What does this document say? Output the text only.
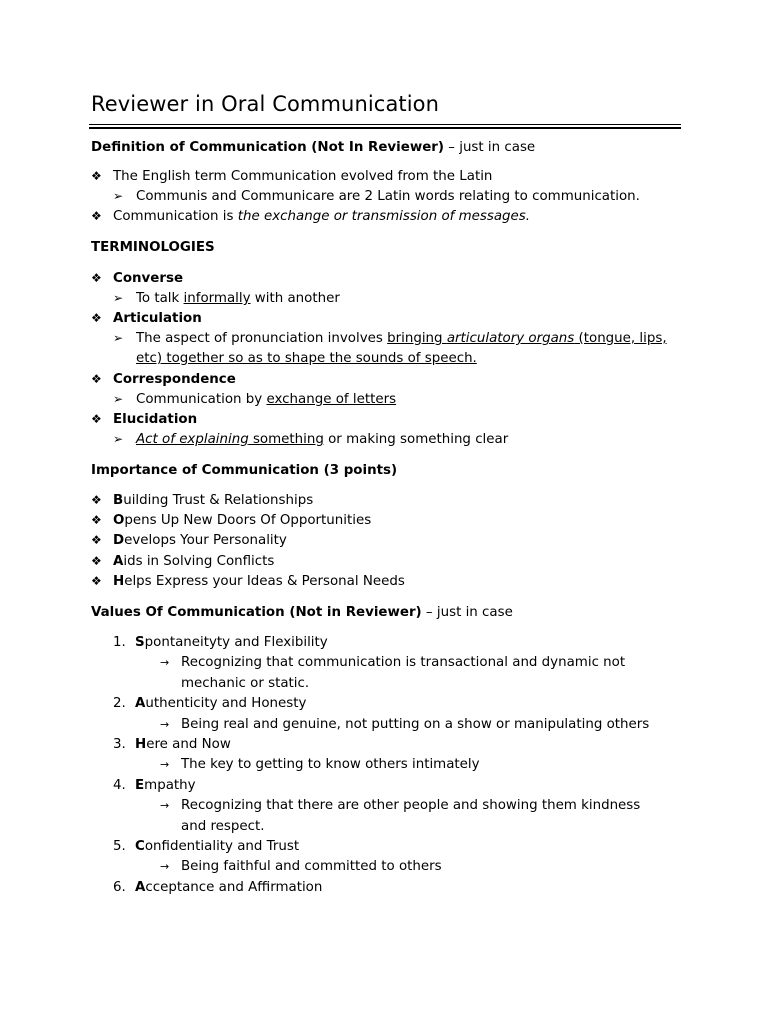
Reviewer in Oral Communication
Definition of Communication (Not In Reviewer) – just in case
❖ The English term Communication evolved from the Latin
➢ Communis and Communicare are 2 Latin words relating to communication.
❖ Communication is the exchange or transmission of messages.
TERMINOLOGIES
❖ Converse
➢ To talk informally with another
❖ Articulation
➢ The aspect of pronunciation involves bringing articulatory organs (tongue, lips,
etc) together so as to shape the sounds of speech.
❖ Correspondence
➢ Communication by exchange of letters
❖ Elucidation
➢ Act of explaining something or making something clear
Importance of Communication (3 points)
❖ Building Trust & Relationships
❖ Opens Up New Doors Of Opportunities
❖ Develops Your Personality
❖ Aids in Solving Conflicts
❖ Helps Express your Ideas & Personal Needs
Values Of Communication (Not in Reviewer) – just in case
1. Spontaneityty and Flexibility
→ Recognizing that communication is transactional and dynamic not
mechanic or static.
2. Authenticity and Honesty
→ Being real and genuine, not putting on a show or manipulating others
3. Here and Now
→ The key to getting to know others intimately
4. Empathy
→ Recognizing that there are other people and showing them kindness
and respect.
5. Confidentiality and Trust
→ Being faithful and committed to others
6. Acceptance and Affirmation
